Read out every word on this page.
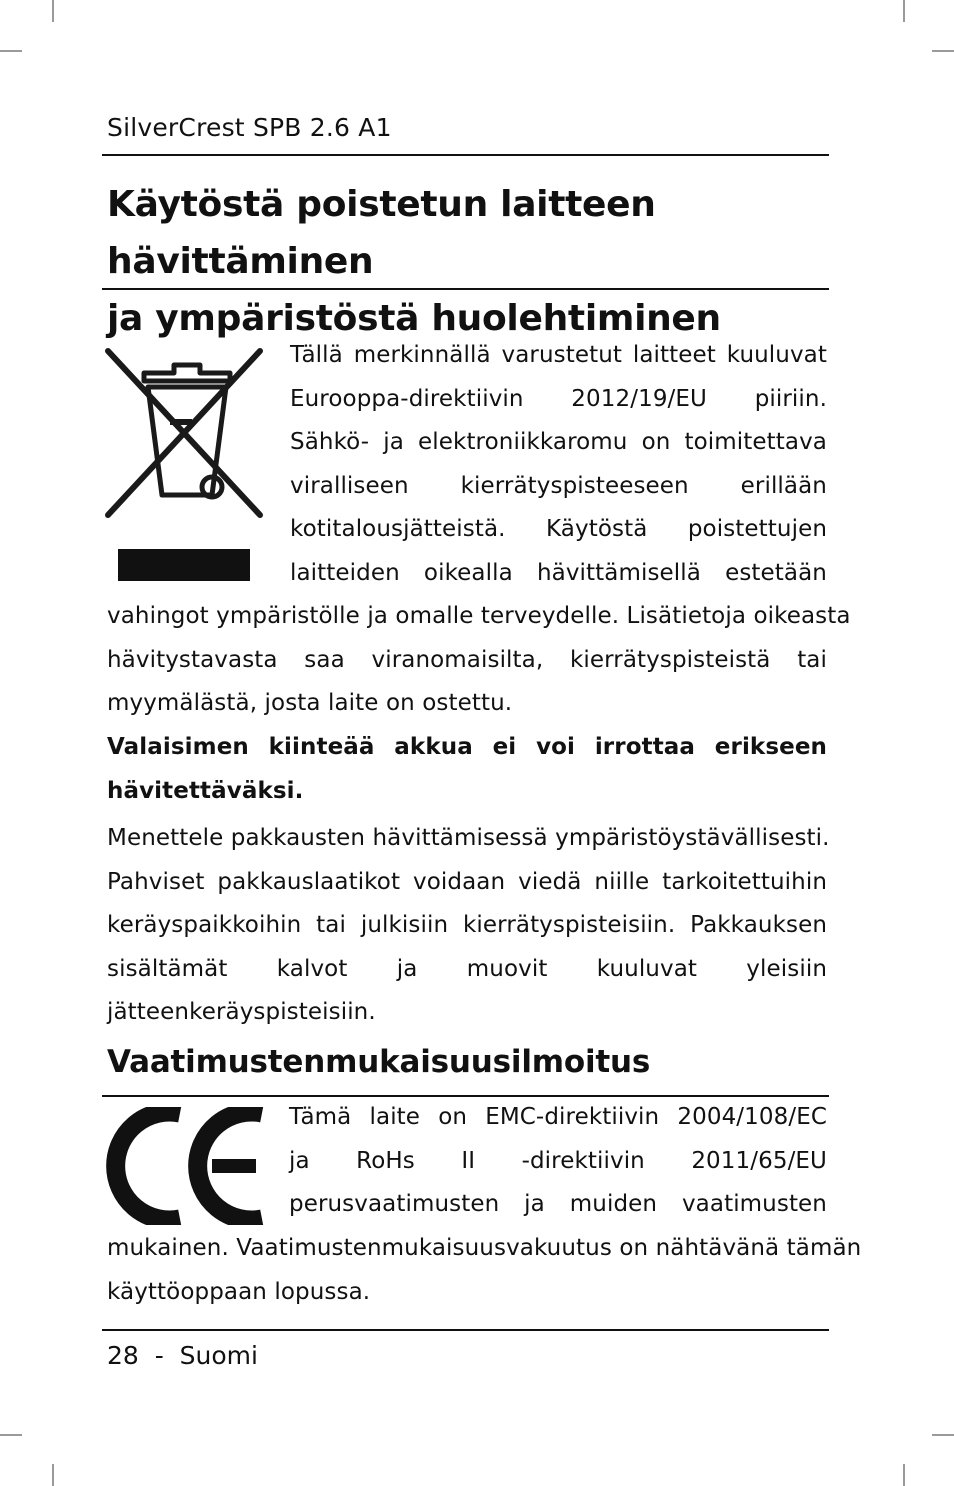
SilverCrest SPB 2.6 A1
Käytöstä poistetun laitteen hävittäminen
ja ympäristöstä huolehtiminen

Tällä merkinnällä varustetut laitteet kuuluvat
Eurooppa-direktiivin 2012/19/EU piiriin.
Sähkö- ja elektroniikkaromu on toimitettava
viralliseen kierrätyspisteeseen erillään
kotitalousjätteistä. Käytöstä poistettujen
laitteiden oikealla hävittämisellä estetään

vahingot ympäristölle ja omalle terveydelle. Lisätietoja oikeasta
hävitystavasta saa viranomaisilta, kierrätyspisteistä tai
myymälästä, josta laite on ostettu.

Valaisimen kiinteää akkua ei voi irrottaa erikseen
hävitettäväksi.

Menettele pakkausten hävittämisessä ympäristöystävällisesti.
Pahviset pakkauslaatikot voidaan viedä niille tarkoitettuihin
keräyspaikkoihin tai julkisiin kierrätyspisteisiin. Pakkauksen
sisältämät kalvot ja muovit kuuluvat yleisiin
jätteenkeräyspisteisiin.

Vaatimustenmukaisuusilmoitus

Tämä laite on EMC-direktiivin 2004/108/EC
ja RoHs II -direktiivin 2011/65/EU
perusvaatimusten ja muiden vaatimusten

mukainen. Vaatimustenmukaisuusvakuutus on nähtävänä tämän
käyttöoppaan lopussa.

28 - Suomi
